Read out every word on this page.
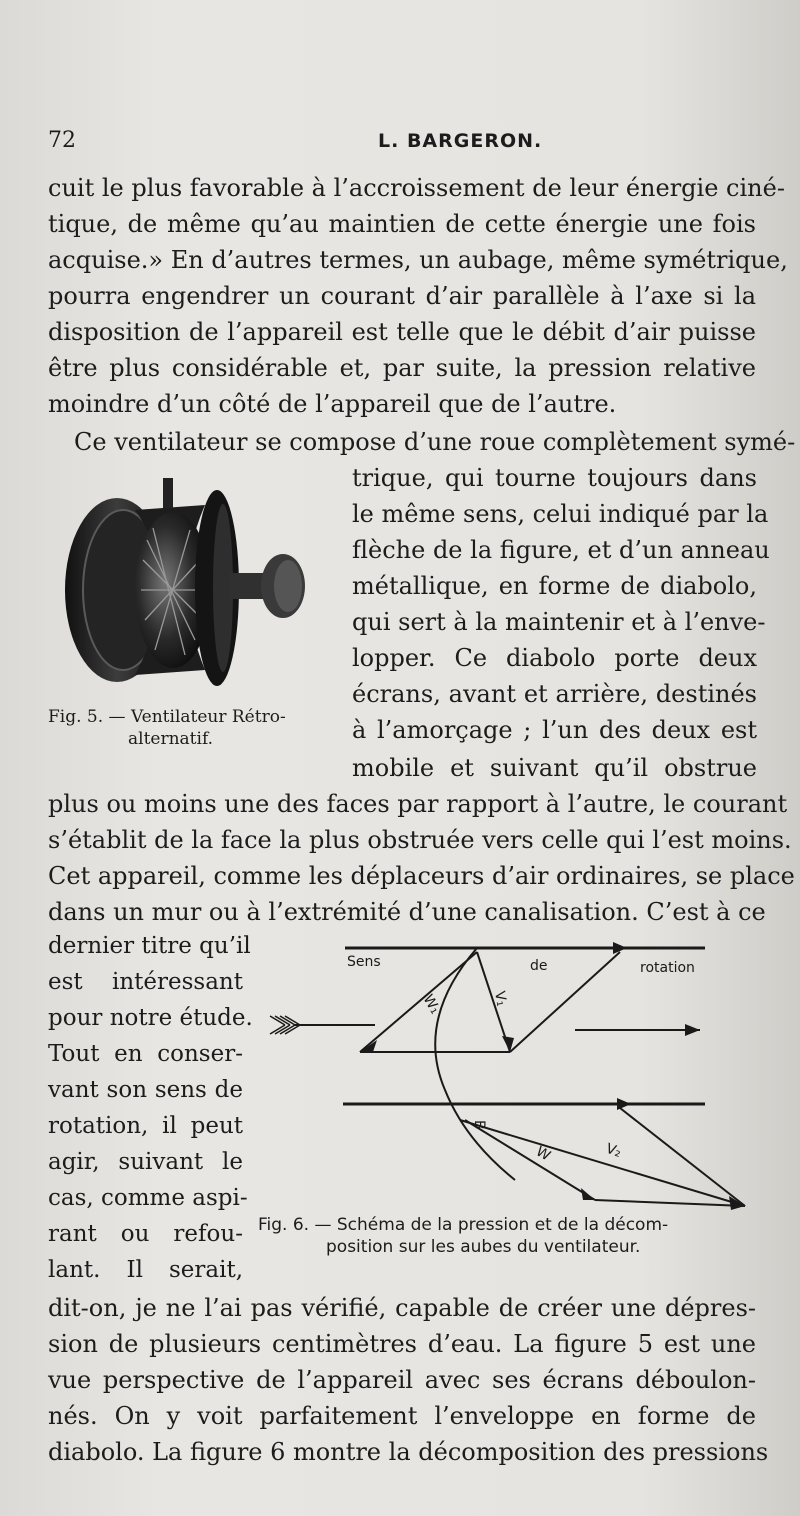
72	L. BARGERON.
cuit le plus favorable à l’accroissement de leur énergie ciné-
tique, de même qu’au maintien de cette énergie une fois
acquise.» En d’autres termes, un aubage, même symétrique,
pourra engendrer un courant d’air parallèle à l’axe si la
disposition de l’appareil est telle que le débit d’air puisse
être plus considérable et, par suite, la pression relative
moindre d’un côté de l’appareil que de l’autre.
Ce ventilateur se compose d’une roue complètement symé-
trique, qui tourne toujours dans
le même sens, celui indiqué par la
flèche de la figure, et d’un anneau
métallique, en forme de diabolo,
qui sert à la maintenir et à l’enve-
lopper. Ce diabolo porte deux
écrans, avant et arrière, destinés
à l’amorçage ; l’un des deux est
mobile et suivant qu’il obstrue
Fig. 5. — Ventilateur Rétro-
alternatif.
plus ou moins une des faces par rapport à l’autre, le courant
s’établit de la face la plus obstruée vers celle qui l’est moins.
Cet appareil, comme les déplaceurs d’air ordinaires, se place
dans un mur ou à l’extrémité d’une canalisation. C’est à ce
dernier titre qu’il
est intéressant
pour notre étude.
Tout en conser-
vant son sens de
rotation, il peut
agir, suivant le
cas, comme aspi-
rant ou refou-
lant. Il serait,
Sens	de	rotation
W₁	V₁
B
W	V₂
Fig. 6. — Schéma de la pression et de la décom-
position sur les aubes du ventilateur.
dit-on, je ne l’ai pas vérifié, capable de créer une dépres-
sion de plusieurs centimètres d’eau. La figure 5 est une
vue perspective de l’appareil avec ses écrans déboulon-
nés. On y voit parfaitement l’enveloppe en forme de
diabolo. La figure 6 montre la décomposition des pressions
